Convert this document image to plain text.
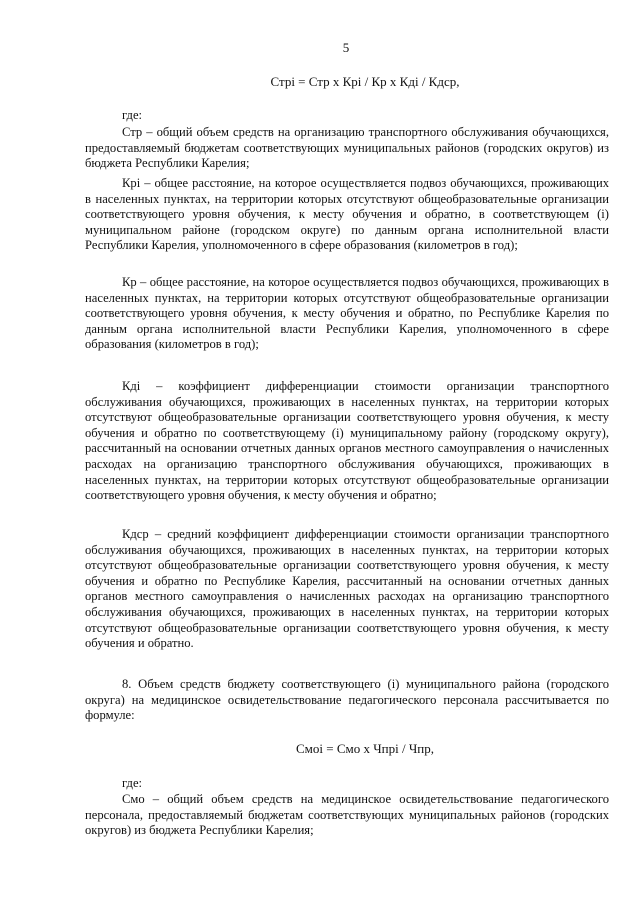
5
Стрi = Стр x Крi / Кр x Кдi / Кдср,
где:

Стр – общий объем средств на организацию транспортного обслуживания обучающихся, предоставляемый бюджетам соответствующих муниципальных районов (городских округов) из бюджета Республики Карелия;

Крi – общее расстояние, на которое осуществляется подвоз обучающихся, проживающих в населенных пунктах, на территории которых отсутствуют общеобразовательные организации соответствующего уровня обучения, к месту обучения и обратно, в соответствующем (i) муниципальном районе (городском округе) по данным органа исполнительной власти Республики Карелия, уполномоченного в сфере образования (километров в год);

Кр – общее расстояние, на которое осуществляется подвоз обучающихся, проживающих в населенных пунктах, на территории которых отсутствуют общеобразовательные организации соответствующего уровня обучения, к месту обучения и обратно, по Республике Карелия по данным органа исполнительной власти Республики Карелия, уполномоченного в сфере образования (километров в год);

Кдi – коэффициент дифференциации стоимости организации транспортного обслуживания обучающихся, проживающих в населенных пунктах, на территории которых отсутствуют общеобразовательные организации соответствующего уровня обучения, к месту обучения и обратно по соответствующему (i) муниципальному району (городскому округу), рассчитанный на основании отчетных данных органов местного самоуправления о начисленных расходах на организацию транспортного обслуживания обучающихся, проживающих в населенных пунктах, на территории которых отсутствуют общеобразовательные организации соответствующего уровня обучения, к месту обучения и обратно;

Кдср – средний коэффициент дифференциации стоимости организации транспортного обслуживания обучающихся, проживающих в населенных пунктах, на территории которых отсутствуют общеобразовательные организации соответствующего уровня обучения, к месту обучения и обратно по Республике Карелия, рассчитанный на основании отчетных данных органов местного самоуправления о начисленных расходах на организацию транспортного обслуживания обучающихся, проживающих в населенных пунктах, на территории которых отсутствуют общеобразовательные организации соответствующего уровня обучения, к месту обучения и обратно.

8. Объем средств бюджету соответствующего (i) муниципального района (городского округа) на медицинское освидетельствование педагогического персонала рассчитывается по формуле:

Смоi = Смо x Чпрi / Чпр,
где:

Смо – общий объем средств на медицинское освидетельствование педагогического персонала, предоставляемый бюджетам соответствующих муниципальных районов (городских округов) из бюджета Республики Карелия;
